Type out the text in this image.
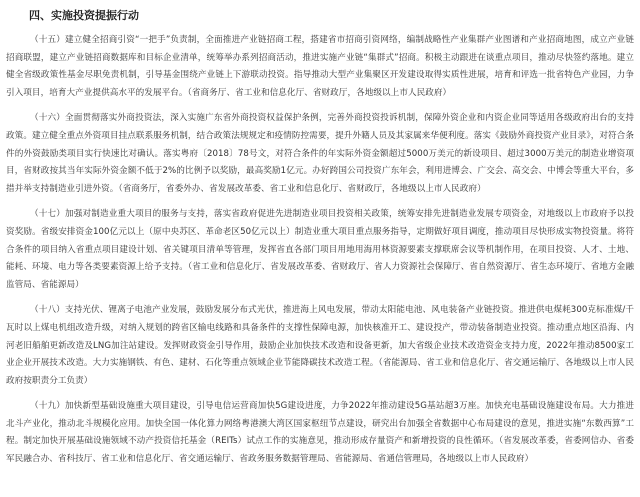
四、实施投资提振行动

（十五）建立健全招商引资“一把手”负责制，全面推进产业链招商工程，搭建省市招商引资网络，编制战略性产业集群产业图谱和产业招商地图，成立产业链招商联盟，建立产业链招商数据库和目标企业清单，统筹举办系列招商活动，推进实施产业链“集群式”招商。积极主动跟进在谈重点项目，推动尽快签约落地。建立健全省级政策性基金尽职免责机制，引导基金围绕产业链上下游联动投资。指导推动大型产业集聚区开发建设取得实质性进展，培育和评选一批省特色产业园，力争引入项目，培育大产业提供高水平的发展平台。（省商务厅、省工业和信息化厅、省财政厅，各地级以上市人民政府）

（十六）全面贯彻落实外商投资法，深入实施广东省外商投资权益保护条例，完善外商投资投诉机制，保障外资企业和内资企业同等适用各级政府出台的支持政策。建立健全重点外资项目挂点联系服务机制，结合政策法规规定和疫情防控需要，提升外籍人员及其家属来华便利度。落实《鼓励外商投资产业目录》，对符合条件的外资鼓励类项目实行快速比对确认。落实粤府〔2018〕78号文，对符合条件的年实际外资金额超过5000万美元的新设项目、超过3000万美元的制造业增资项目，省财政按其当年实际外资金额不低于2%的比例予以奖励，最高奖励1亿元。办好跨国公司投资广东年会，利用进博会、广交会、高交会、中博会等重大平台，多措并举支持制造业引进外资。（省商务厅，省委外办、省发展改革委、省工业和信息化厅、省财政厅，各地级以上市人民政府）

（十七）加强对制造业重大项目的服务与支持，落实省政府促进先进制造业项目投资相关政策，统筹安排先进制造业发展专项资金，对地级以上市政府予以投资奖励。省级安排资金100亿元以上（原中央苏区、革命老区50亿元以上）制造业重大项目重点服务指导，定期做好项目调度，推动项目尽快形成实物投资量。将符合条件的项目纳入省重点项目建设计划、省关键项目清单等管理，发挥省直各部门项目用地用海用林资源要素支撑联席会议等机制作用，在项目投资、人才、土地、能耗、环境、电力等各类要素资源上给予支持。（省工业和信息化厅、省发展改革委、省财政厅、省人力资源社会保障厅、省自然资源厅、省生态环境厅、省地方金融监管局、省能源局）

（十八）支持光伏、锂离子电池产业发展，鼓励发展分布式光伏，推进海上风电发展，带动太阳能电池、风电装备产业链投资。推进供电煤耗300克标准煤/千瓦时以上煤电机组改造升级，对纳入规划的跨省区输电线路和具备条件的支撑性保障电源，加快核准开工、建设投产，带动装备制造业投资。推动重点地区沿海、内河老旧船舶更新改造及LNG加注站建设。发挥财政资金引导作用，鼓励企业加快技术改造和设备更新，加大省级企业技术改造资金支持力度，2022年推动8500家工业企业开展技术改造。大力实施钢铁、有色、建材、石化等重点领域企业节能降碳技术改造工程。（省能源局、省工业和信息化厅、省交通运输厅、各地级以上市人民政府按职责分工负责）

（十九）加快新型基础设施重大项目建设，引导电信运营商加快5G建设进度，力争2022年推动建设5G基站超3万座。加快充电基础设施建设布局。大力推进北斗产业化，推动北斗规模化应用。加快全国一体化算力网络粤港澳大湾区国家枢纽节点建设，研究出台加强全省数据中心布局建设的意见，推进实施“东数西算”工程。制定加快开展基础设施领域不动产投资信托基金（REITs）试点工作的实施意见，推动形成存量资产和新增投资的良性循环。（省发展改革委，省委网信办、省委军民融合办、省科技厅、省工业和信息化厅、省交通运输厅、省政务服务数据管理局、省能源局、省通信管理局，各地级以上市人民政府）
